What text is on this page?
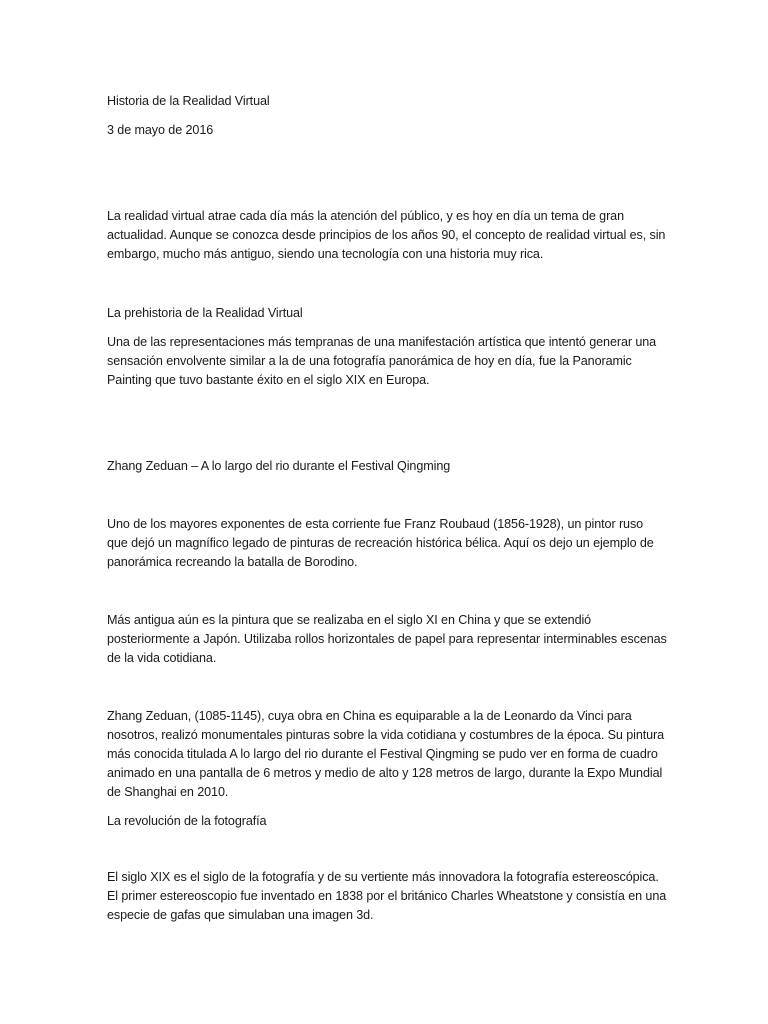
Historia de la Realidad Virtual

3 de mayo de 2016

La realidad virtual atrae cada día más la atención del público, y es hoy en día un tema de gran actualidad. Aunque se conozca desde principios de los años 90, el concepto de realidad virtual es, sin embargo, mucho más antiguo, siendo una tecnología con una historia muy rica.

La prehistoria de la Realidad Virtual

Una de las representaciones más tempranas de una manifestación artística que intentó generar una sensación envolvente similar a la de una fotografía panorámica de hoy en día, fue la Panoramic Painting que tuvo bastante éxito en el siglo XIX en Europa.

Zhang Zeduan – A lo largo del rio durante el Festival Qingming

Uno de los mayores exponentes de esta corriente fue Franz Roubaud (1856-1928), un pintor ruso que dejó un magnífico legado de pinturas de recreación histórica bélica. Aquí os dejo un ejemplo de panorámica recreando la batalla de Borodino.

Más antigua aún es la pintura que se realizaba en el siglo XI en China y que se extendió posteriormente a Japón. Utilizaba rollos horizontales de papel para representar interminables escenas de la vida cotidiana.

Zhang Zeduan, (1085-1145), cuya obra en China es equiparable a la de Leonardo da Vinci para nosotros, realizó monumentales pinturas sobre la vida cotidiana y costumbres de la época. Su pintura más conocida titulada A lo largo del rio durante el Festival Qingming se pudo ver en forma de cuadro animado en una pantalla de 6 metros y medio de alto y 128 metros de largo, durante la Expo Mundial de Shanghai en 2010.

La revolución de la fotografía

El siglo XIX es el siglo de la fotografía y de su vertiente más innovadora la fotografía estereoscópica. El primer estereoscopio fue inventado en 1838 por el británico Charles Wheatstone y consistía en una especie de gafas que simulaban una imagen 3d.
